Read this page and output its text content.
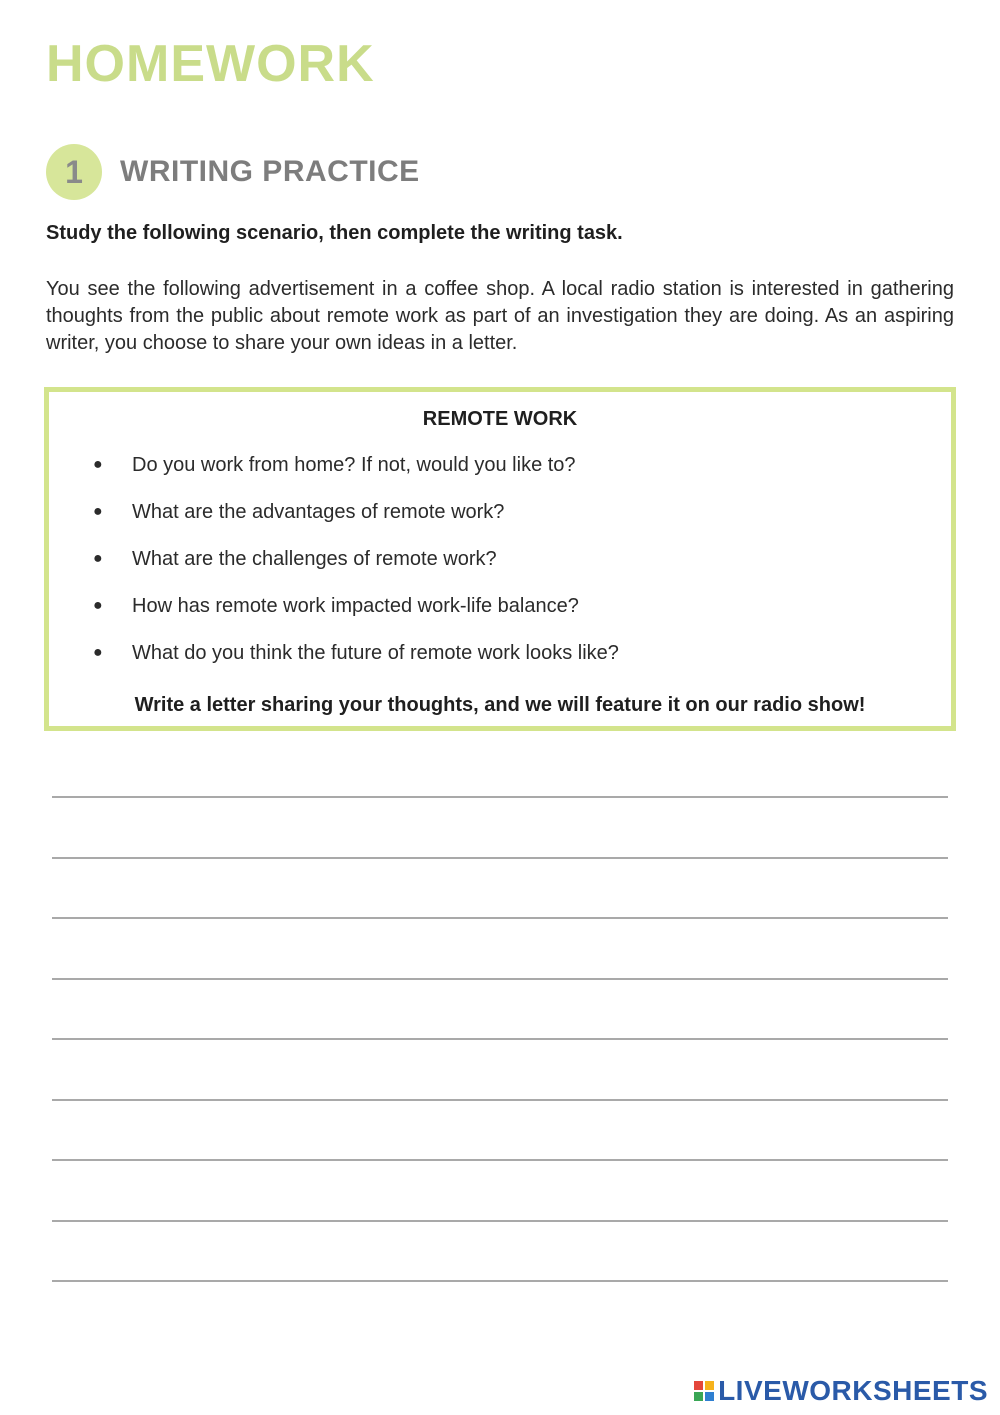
HOMEWORK
1	WRITING PRACTICE
Study the following scenario, then complete the writing task.
You see the following advertisement in a coffee shop. A local radio station is interested in gathering thoughts from the public about remote work as part of an investigation they are doing. As an aspiring writer, you choose to share your own ideas in a letter.
REMOTE WORK
●	Do you work from home? If not, would you like to?
●	What are the advantages of remote work?
●	What are the challenges of remote work?
●	How has remote work impacted work-life balance?
●	What do you think the future of remote work looks like?
Write a letter sharing your thoughts, and we will feature it on our radio show!
LIVEWORKSHEETS
